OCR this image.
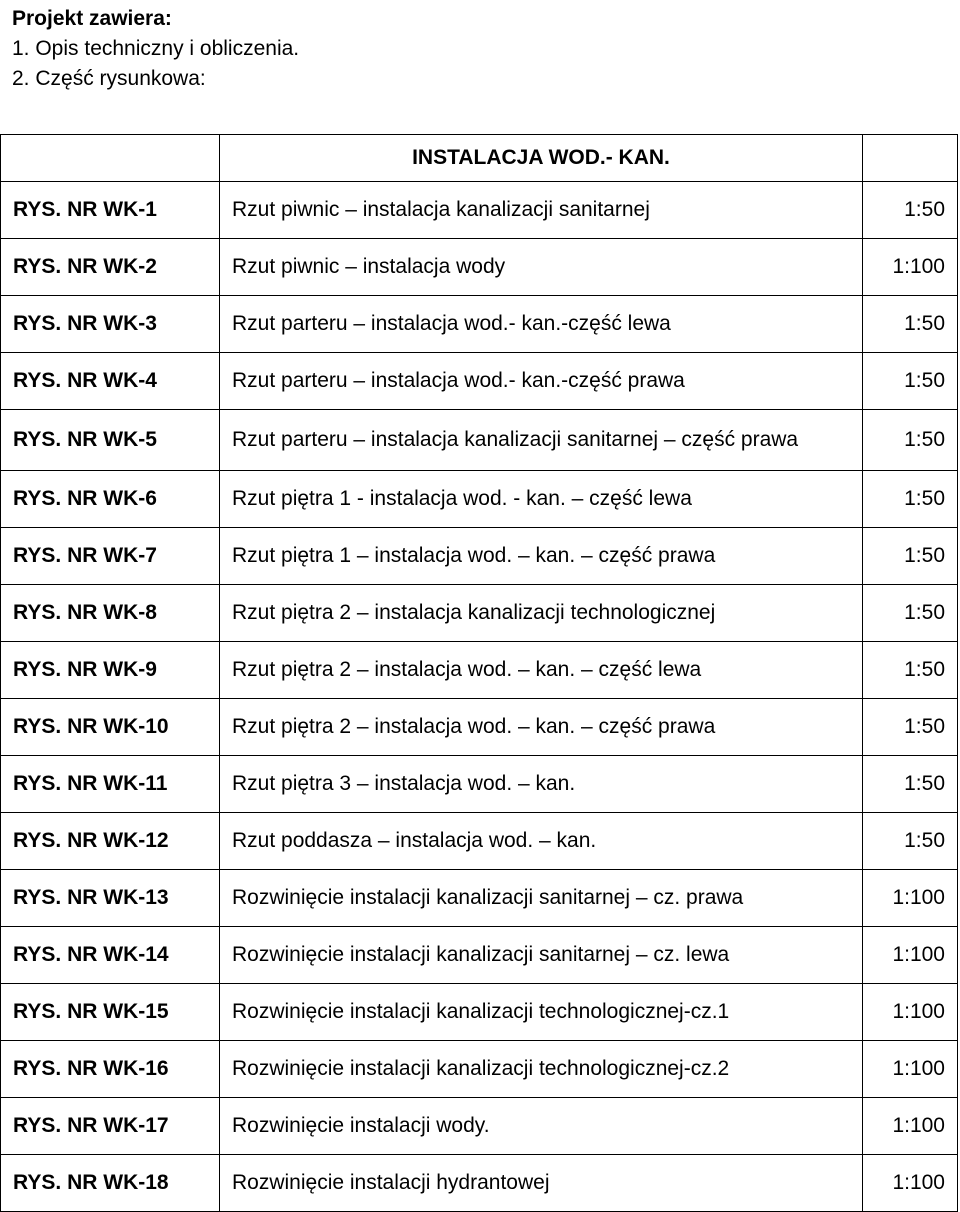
Projekt zawiera:
1. Opis techniczny i obliczenia.
2. Część rysunkowa:
	INSTALACJA WOD.- KAN.	
RYS. NR WK-1	Rzut piwnic – instalacja kanalizacji sanitarnej	1:50
RYS. NR WK-2	Rzut piwnic – instalacja wody	1:100
RYS. NR WK-3	Rzut parteru – instalacja wod.- kan.-część lewa	1:50
RYS. NR WK-4	Rzut parteru – instalacja wod.- kan.-część prawa	1:50
RYS. NR WK-5	Rzut parteru – instalacja kanalizacji sanitarnej – część prawa	1:50
RYS. NR WK-6	Rzut piętra 1 - instalacja wod. - kan. – część lewa	1:50
RYS. NR WK-7	Rzut piętra 1 – instalacja wod. – kan. – część prawa	1:50
RYS. NR WK-8	Rzut piętra 2 – instalacja kanalizacji technologicznej	1:50
RYS. NR WK-9	Rzut piętra 2 – instalacja wod. – kan. – część lewa	1:50
RYS. NR WK-10	Rzut piętra 2 – instalacja wod. – kan. – część prawa	1:50
RYS. NR WK-11	Rzut piętra 3 – instalacja wod. – kan.	1:50
RYS. NR WK-12	Rzut poddasza – instalacja wod. – kan.	1:50
RYS. NR WK-13	Rozwinięcie instalacji kanalizacji sanitarnej – cz. prawa	1:100
RYS. NR WK-14	Rozwinięcie instalacji kanalizacji sanitarnej – cz. lewa	1:100
RYS. NR WK-15	Rozwinięcie instalacji kanalizacji technologicznej-cz.1	1:100
RYS. NR WK-16	Rozwinięcie instalacji kanalizacji technologicznej-cz.2	1:100
RYS. NR WK-17	Rozwinięcie instalacji wody.	1:100
RYS. NR WK-18	Rozwinięcie instalacji hydrantowej	1:100
